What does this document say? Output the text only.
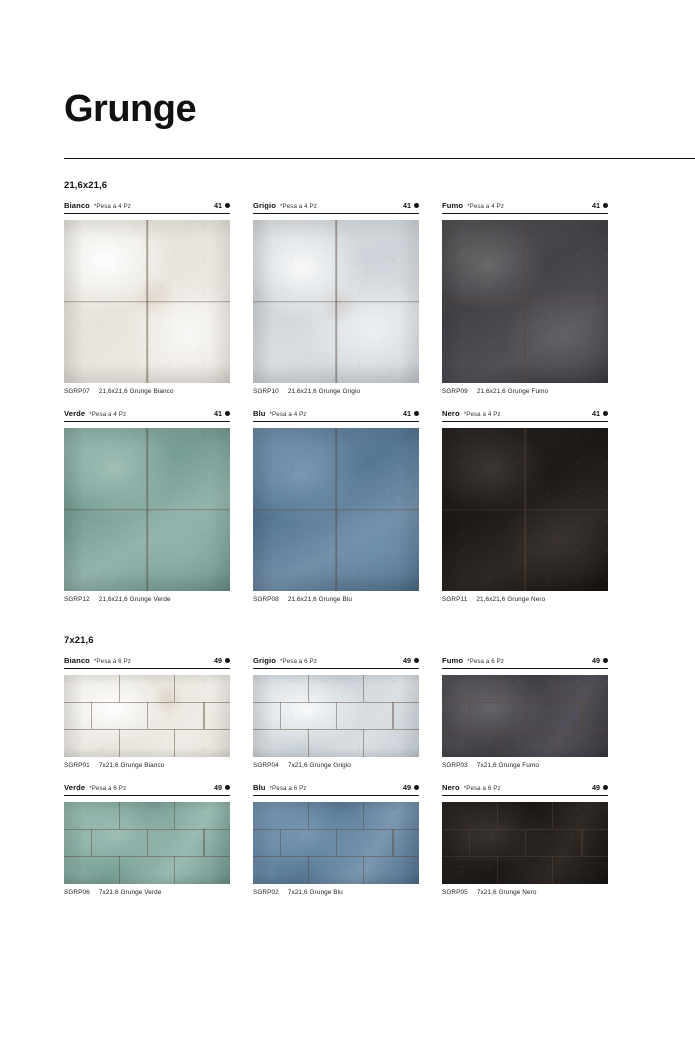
Grunge
21,6x21,6
Bianco *Pesa a 4 Pz	41
SGRP07 21,6x21,6 Grunge Bianco
Grigio *Pesa a 4 Pz	41
SGRP10 21,6x21,6 Grunge Grigio
Fumo *Pesa a 4 Pz	41
SGRP09 21,6x21,6 Grunge Fumo
Verde *Pesa a 4 Pz	41
SGRP12 21,6x21,6 Grunge Verde
Blu *Pesa a 4 Pz	41
SGRP08 21,6x21,6 Grunge Blu
Nero *Pesa a 4 Pz	41
SGRP11 21,6x21,6 Grunge Nero
7x21,6
Bianco *Pesa a 6 Pz	49
SGRP01 7x21,6 Grunge Bianco
Grigio *Pesa a 6 Pz	49
SGRP04 7x21,6 Grunge Grigio
Fumo *Pesa a 6 Pz	49
SGRP03 7x21,6 Grunge Fumo
Verde *Pesa a 6 Pz	49
SGRP06 7x21,6 Grunge Verde
Blu *Pesa a 6 Pz	49
SGRP02 7x21,6 Grunge Blu
Nero *Pesa a 6 Pz	49
SGRP05 7x21,6 Grunge Nero
